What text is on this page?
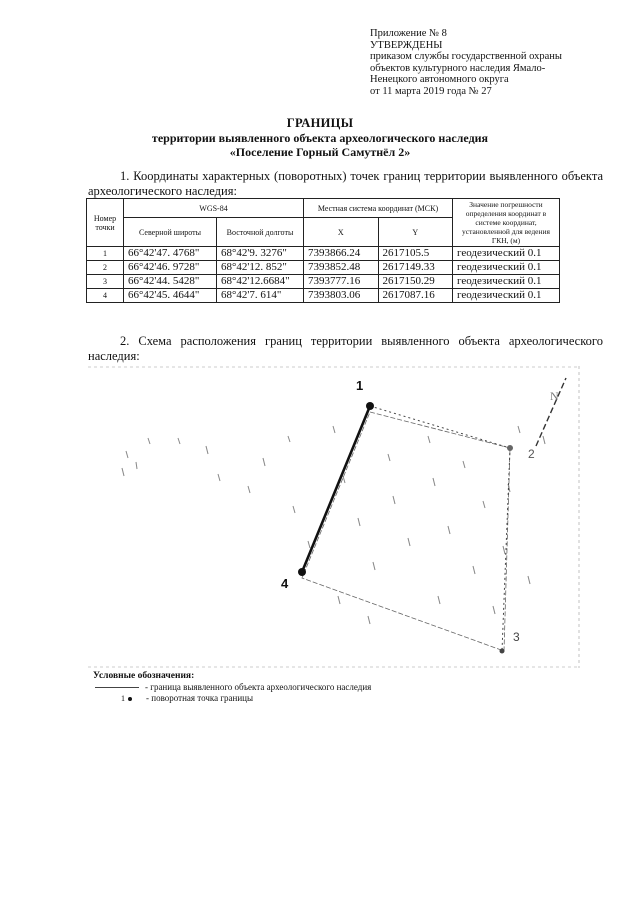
Приложение № 8
УТВЕРЖДЕНЫ
приказом службы государственной охраны
объектов культурного наследия Ямало-
Ненецкого автономного округа
от 11 марта 2019 года № 27
ГРАНИЦЫ
территории выявленного объекта археологического наследия
«Поселение Горный Самутнёл 2»
1. Координаты характерных (поворотных) точек границ территории выявленного объекта археологического наследия:
Номер точки	WGS-84		Местная система координат (МСК)		Значение погрешности определения координат в системе координат, установленной для ведения ГКН, (м)
	Северной широты	Восточной долготы	X	Y	
1	66°42'47. 4768"	68°42'9. 3276"	7393866.24	2617105.5	геодезический 0.1
2	66°42'46. 9728"	68°42'12. 852"	7393852.48	2617149.33	геодезический 0.1
3	66°42'44. 5428"	68°42'12.6684"	7393777.16	2617150.29	геодезический 0.1
4	66°42'45. 4644"	68°42'7. 614"	7393803.06	2617087.16	геодезический 0.1
2. Схема расположения границ территории выявленного объекта археологического наследия:
N
1
2
3
4
Условные обозначения:
- граница выявленного объекта археологического наследия
1 - поворотная точка границы
